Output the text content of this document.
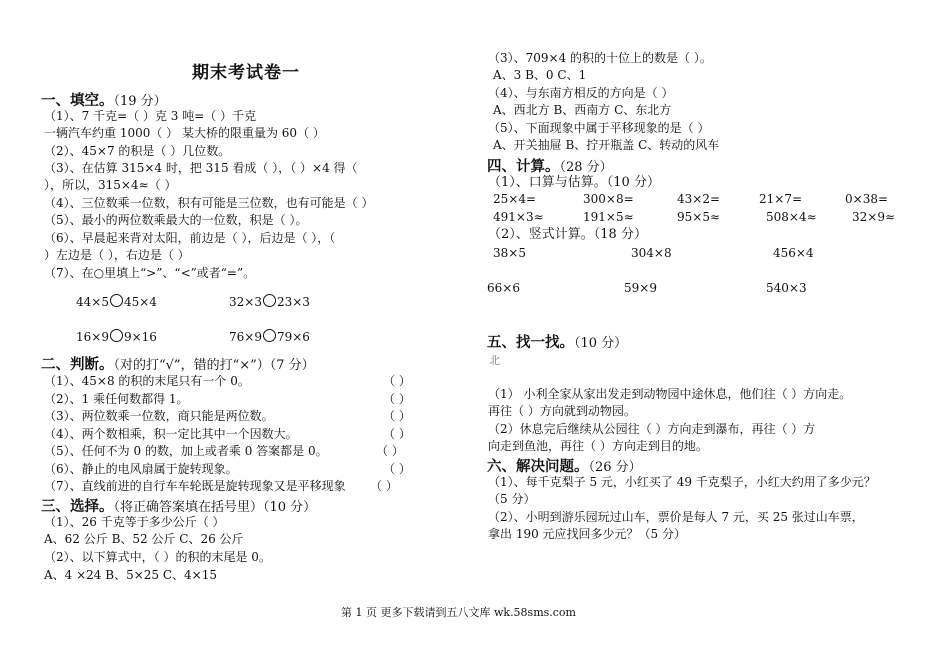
期末考试卷一
一、填空。（19 分）
（1）、7 千克=（ ）克 3 吨=（ ）千克
一辆汽车约重 1000（ ） 某大桥的限重量为 60（ ）
（2）、45×7 的积是（ ）几位数。
（3）、在估算 315×4 时，把 315 看成（ ），（ ）×4 得（
），所以，315×4≈（ ）
（4）、三位数乘一位数，积有可能是三位数，也有可能是（ ）
（5）、最小的两位数乘最大的一位数，积是（ ）。
（6）、早晨起来背对太阳，前边是（ ），后边是（ ），（
）左边是（ ），右边是（ ）
（7）、在○里填上“>”、“<”或者“=”。
44×5 45×4	32×3 23×3
16×9 9×16	76×9 79×6
二、判断。（对的打“√”，错的打“×”）（7 分）
（1）、45×8 的积的末尾只有一个 0。	（ ）
（2）、1 乘任何数都得 1。	（ ）
（3）、两位数乘一位数，商只能是两位数。	（ ）
（4）、两个数相乘，积一定比其中一个因数大。	（ ）
（5）、任何不为 0 的数，加上或者乘 0 答案都是 0。	（ ）
（6）、静止的电风扇属于旋转现象。	（ ）
（7）、直线前进的自行车车轮既是旋转现象又是平移现象 （ ）
三、选择。（将正确答案填在括号里）（10 分）
（1）、26 千克等于多少公斤（ ）
A、62 公斤 B、52 公斤 C、26 公斤
（2）、以下算式中，（ ）的积的末尾是 0。
A、4 ×24 B、5×25 C、4×15
（3）、709×4 的积的十位上的数是（ ）。
A、3 B、0 C、1
（4）、与东南方相反的方向是（ ）
A、西北方 B、西南方 C、东北方
（5）、下面现象中属于平移现象的是（ ）
A、开关抽屉 B、拧开瓶盖 C、转动的风车
四、计算。（28 分）
（1）、口算与估算。（10 分）
25×4=	300×8=	43×2=	21×7=	0×38=
491×3≈	191×5≈	95×5≈	508×4≈	32×9≈
（2）、竖式计算。（18 分）
38×5	304×8	456×4
66×6	59×9	540×3
五、找一找。（10 分）
北
（1） 小利全家从家出发走到动物园中途休息，他们往（ ）方向走。
再往（ ）方向就到动物园。
（2）休息完后继续从公园往（ ）方向走到瀑布，再往（ ）方
向走到鱼池，再往（ ）方向走到目的地。
六、解决问题。（26 分）
（1）、每千克梨子 5 元，小红买了 49 千克梨子，小红大约用了多少元？
（5 分）
（2）、小明到游乐园玩过山车，票价是每人 7 元，买 25 张过山车票，
拿出 190 元应找回多少元？（5 分）
第 1 页 更多下载请到五八文库 wk.58sms.com
